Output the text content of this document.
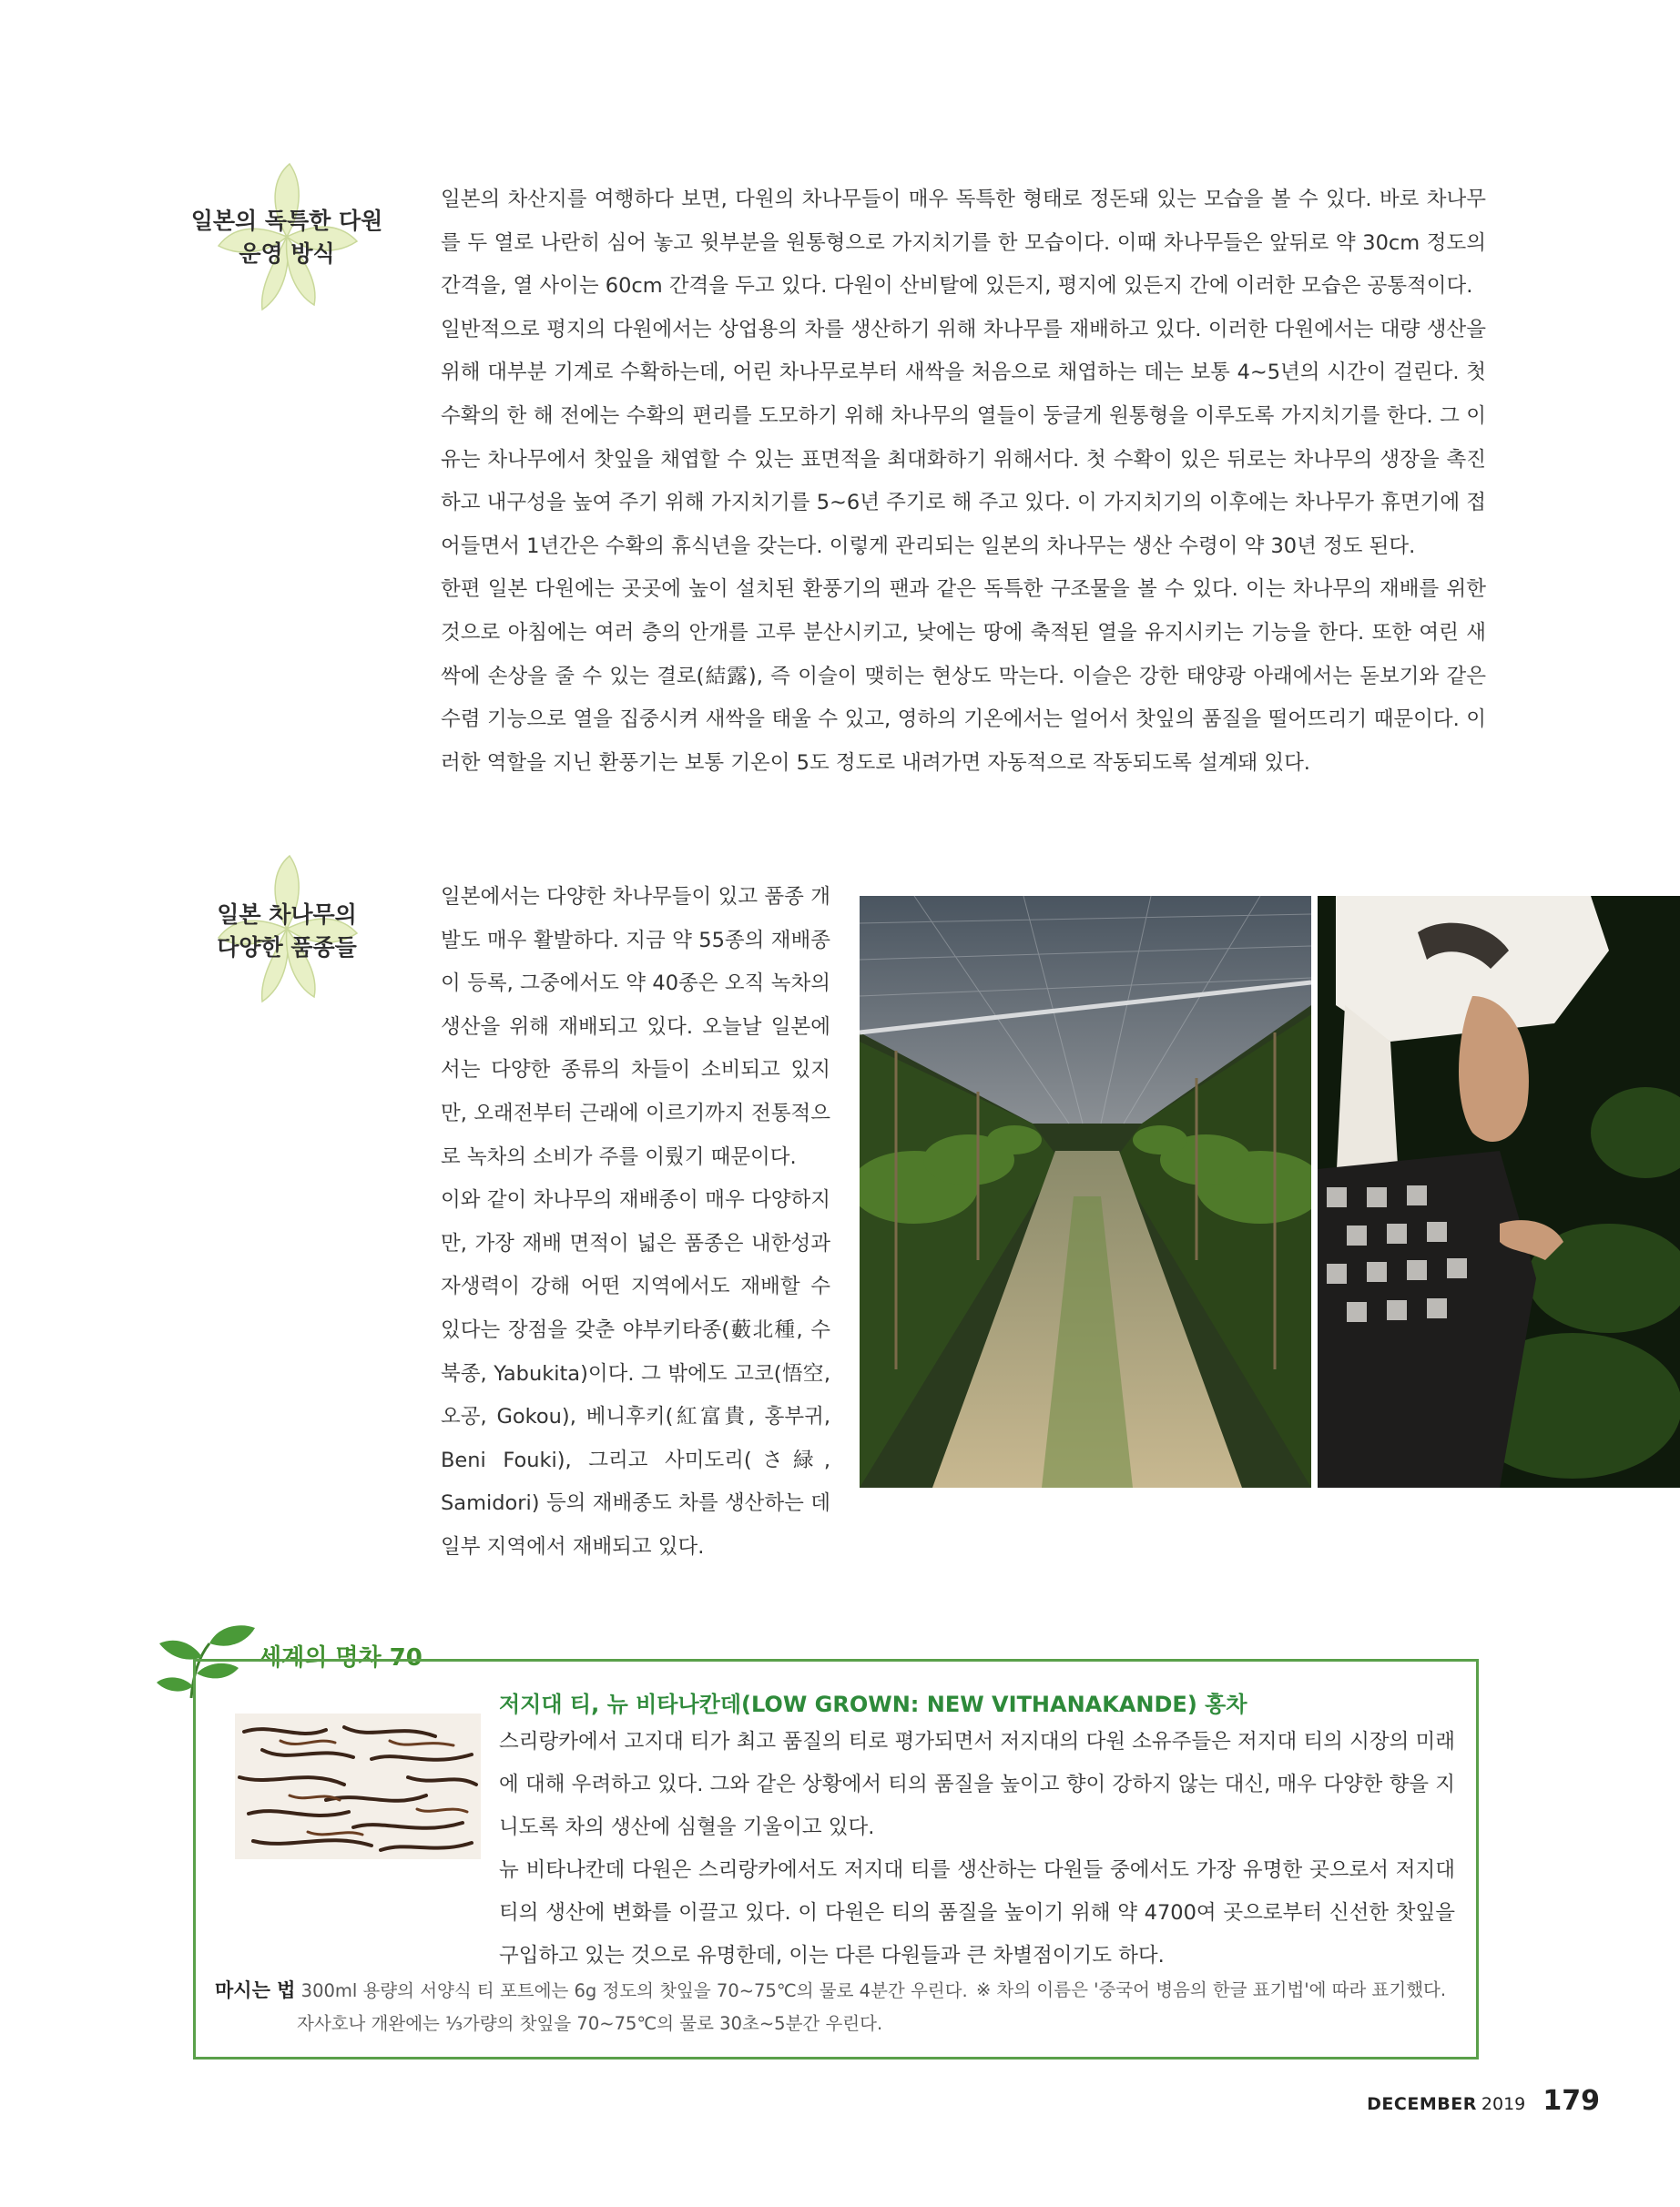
일본의 독특한 다원
운영 방식

일본의 차산지를 여행하다 보면, 다원의 차나무들이 매우 독특한 형태로 정돈돼 있는 모습을 볼 수 있다. 바로 차나무를 두 열로 나란히 심어 놓고 윗부분을 원통형으로 가지치기를 한 모습이다. 이때 차나무들은 앞뒤로 약 30cm 정도의 간격을, 열 사이는 60cm 간격을 두고 있다. 다원이 산비탈에 있든지, 평지에 있든지 간에 이러한 모습은 공통적이다.

일반적으로 평지의 다원에서는 상업용의 차를 생산하기 위해 차나무를 재배하고 있다. 이러한 다원에서는 대량 생산을 위해 대부분 기계로 수확하는데, 어린 차나무로부터 새싹을 처음으로 채엽하는 데는 보통 4~5년의 시간이 걸린다. 첫 수확의 한 해 전에는 수확의 편리를 도모하기 위해 차나무의 열들이 둥글게 원통형을 이루도록 가지치기를 한다. 그 이유는 차나무에서 찻잎을 채엽할 수 있는 표면적을 최대화하기 위해서다. 첫 수확이 있은 뒤로는 차나무의 생장을 촉진하고 내구성을 높여 주기 위해 가지치기를 5~6년 주기로 해 주고 있다. 이 가지치기의 이후에는 차나무가 휴면기에 접어들면서 1년간은 수확의 휴식년을 갖는다. 이렇게 관리되는 일본의 차나무는 생산 수령이 약 30년 정도 된다.

한편 일본 다원에는 곳곳에 높이 설치된 환풍기의 팬과 같은 독특한 구조물을 볼 수 있다. 이는 차나무의 재배를 위한 것으로 아침에는 여러 층의 안개를 고루 분산시키고, 낮에는 땅에 축적된 열을 유지시키는 기능을 한다. 또한 여린 새싹에 손상을 줄 수 있는 결로(結露), 즉 이슬이 맺히는 현상도 막는다. 이슬은 강한 태양광 아래에서는 돋보기와 같은 수렴 기능으로 열을 집중시켜 새싹을 태울 수 있고, 영하의 기온에서는 얼어서 찻잎의 품질을 떨어뜨리기 때문이다. 이러한 역할을 지닌 환풍기는 보통 기온이 5도 정도로 내려가면 자동적으로 작동되도록 설계돼 있다.

일본 차나무의
다양한 품종들

일본에서는 다양한 차나무들이 있고 품종 개발도 매우 활발하다. 지금 약 55종의 재배종이 등록, 그중에서도 약 40종은 오직 녹차의 생산을 위해 재배되고 있다. 오늘날 일본에서는 다양한 종류의 차들이 소비되고 있지만, 오래전부터 근래에 이르기까지 전통적으로 녹차의 소비가 주를 이뤘기 때문이다.

이와 같이 차나무의 재배종이 매우 다양하지만, 가장 재배 면적이 넓은 품종은 내한성과 자생력이 강해 어떤 지역에서도 재배할 수 있다는 장점을 갖춘 야부키타종(藪北種, 수북종, Yabukita)이다. 그 밖에도 고코(悟空, 오공, Gokou), 베니후키(紅富貴, 홍부귀, Beni Fouki), 그리고 사미도리(さ緑, Samidori) 등의 재배종도 차를 생산하는 데 일부 지역에서 재배되고 있다.

세계의 명차 70
저지대 티, 뉴 비타나칸데(LOW GROWN: NEW VITHANAKANDE) 홍차

스리랑카에서 고지대 티가 최고 품질의 티로 평가되면서 저지대의 다원 소유주들은 저지대 티의 시장의 미래에 대해 우려하고 있다. 그와 같은 상황에서 티의 품질을 높이고 향이 강하지 않는 대신, 매우 다양한 향을 지니도록 차의 생산에 심혈을 기울이고 있다.

뉴 비타나칸데 다원은 스리랑카에서도 저지대 티를 생산하는 다원들 중에서도 가장 유명한 곳으로서 저지대 티의 생산에 변화를 이끌고 있다. 이 다원은 티의 품질을 높이기 위해 약 4700여 곳으로부터 신선한 찻잎을 구입하고 있는 것으로 유명한데, 이는 다른 다원들과 큰 차별점이기도 하다.

마시는 법 300ml 용량의 서양식 티 포트에는 6g 정도의 찻잎을 70~75℃의 물로 4분간 우린다.
자사호나 개완에는 ⅓가량의 찻잎을 70~75℃의 물로 30초~5분간 우린다.
※ 차의 이름은 '중국어 병음의 한글 표기법'에 따라 표기했다.
DECEMBER 2019 179
